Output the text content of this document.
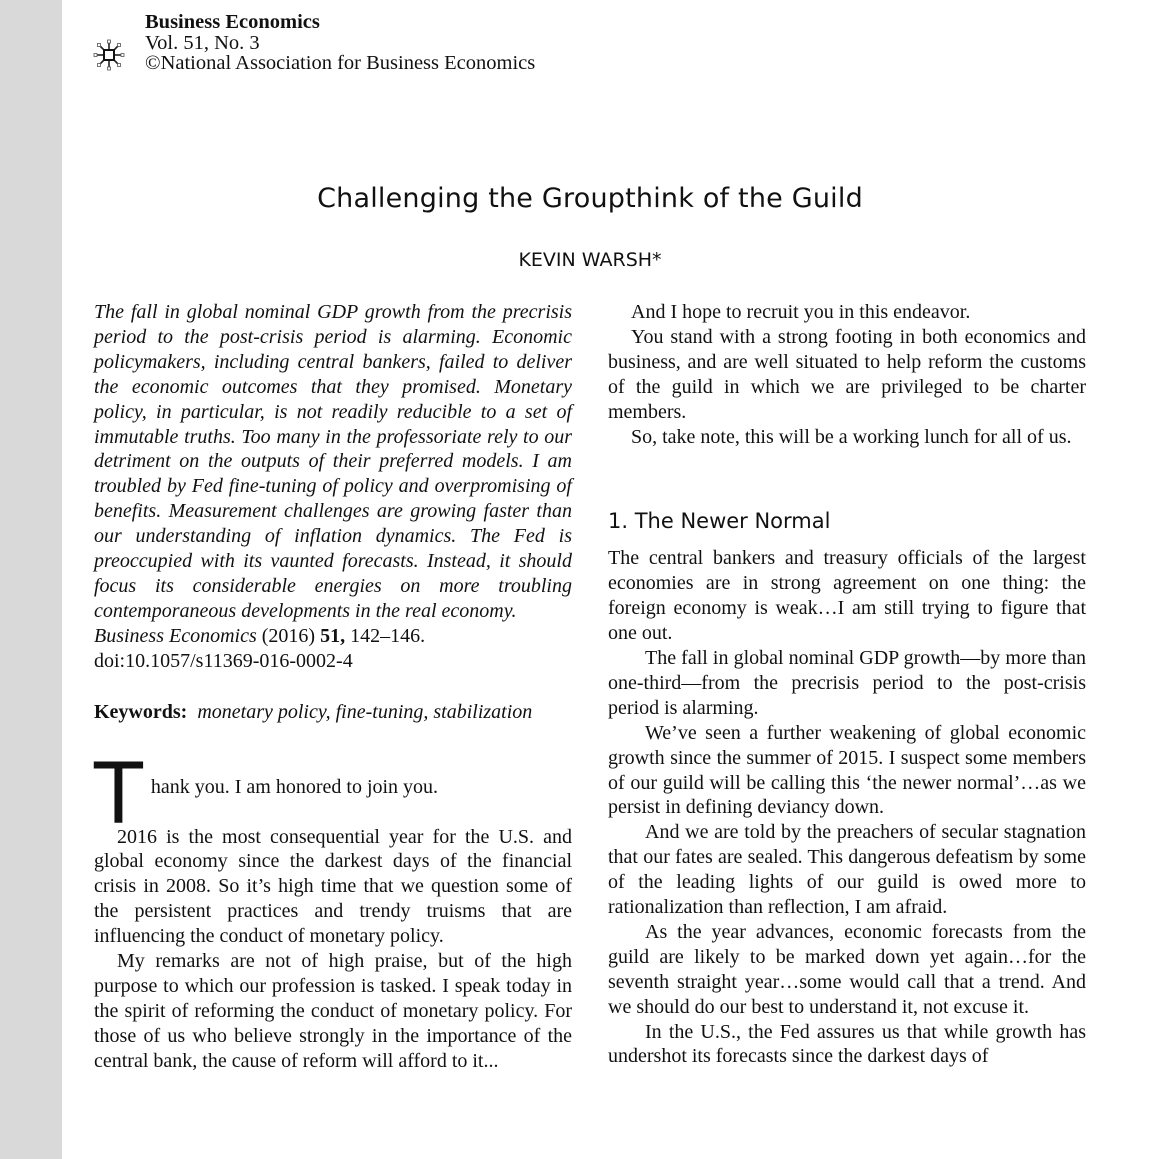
Business Economics
Vol. 51, No. 3
©National Association for Business Economics
Challenging the Groupthink of the Guild
KEVIN WARSH*

The fall in global nominal GDP growth from the precrisis period to the post-crisis period is alarming. Economic policymakers, including central bankers, failed to deliver the economic outcomes that they promised. Monetary policy, in particular, is not readily reducible to a set of immutable truths. Too many in the professoriate rely to our detriment on the outputs of their preferred models. I am troubled by Fed fine-tuning of policy and overpromising of benefits. Measurement challenges are growing faster than our understanding of inflation dynamics. The Fed is preoccupied with its vaunted forecasts. Instead, it should focus its considerable energies on more troubling contemporaneous developments in the real economy.

Business Economics (2016) 51, 142–146.

doi:10.1057/s11369-016-0002-4

Keywords: monetary policy, fine-tuning, stabilization

T hank you. I am honored to join you.

2016 is the most consequential year for the U.S. and global economy since the darkest days of the financial crisis in 2008. So it’s high time that we question some of the persistent practices and trendy truisms that are influencing the conduct of monetary policy.

My remarks are not of high praise, but of the high purpose to which our profession is tasked. I speak today in the spirit of reforming the conduct of monetary policy. For those of us who believe strongly in the importance of the central bank, the cause of reform will afford to it...

And I hope to recruit you in this endeavor.

You stand with a strong footing in both economics and business, and are well situated to help reform the customs of the guild in which we are privileged to be charter members.

So, take note, this will be a working lunch for all of us.

1. The Newer Normal

The central bankers and treasury officials of the largest economies are in strong agreement on one thing: the foreign economy is weak…I am still trying to figure that one out.

The fall in global nominal GDP growth—by more than one-third—from the precrisis period to the post-crisis period is alarming.

We’ve seen a further weakening of global economic growth since the summer of 2015. I suspect some members of our guild will be calling this ‘the newer normal’…as we persist in defining deviancy down.

And we are told by the preachers of secular stagnation that our fates are sealed. This dangerous defeatism by some of the leading lights of our guild is owed more to rationalization than reflection, I am afraid.

As the year advances, economic forecasts from the guild are likely to be marked down yet again…for the seventh straight year…some would call that a trend. And we should do our best to understand it, not excuse it.

In the U.S., the Fed assures us that while growth has undershot its forecasts since the darkest days of
